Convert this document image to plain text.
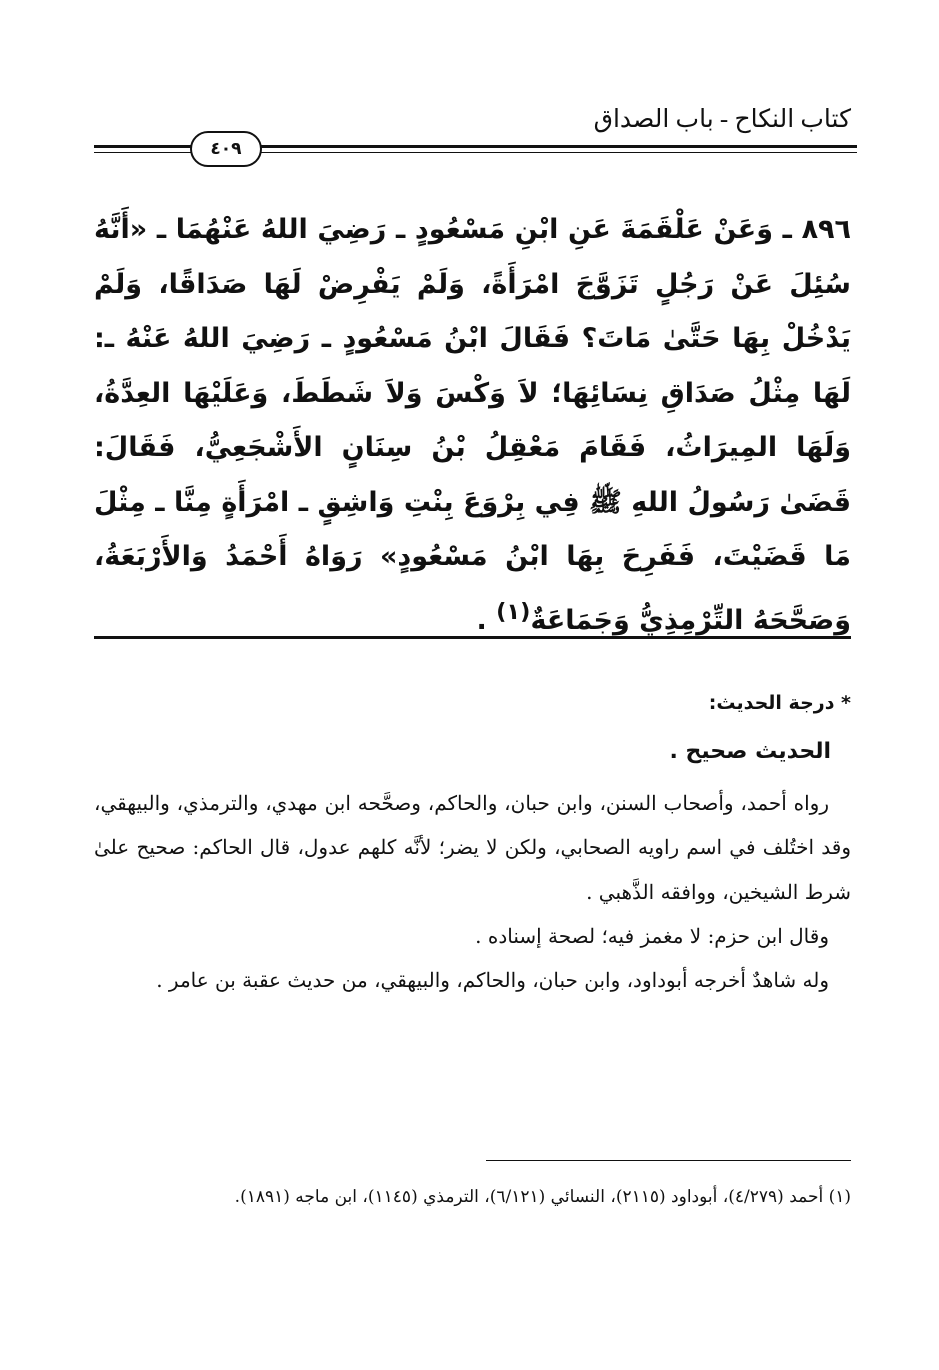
كتاب النكاح - باب الصداق
٤٠٩
٨٩٦ ـ وَعَنْ عَلْقَمَةَ عَنِ ابْنِ مَسْعُودٍ ـ رَضِيَ اللهُ عَنْهُمَا ـ «أَنَّهُ سُئِلَ عَنْ رَجُلٍ تَزَوَّجَ امْرَأَةً، وَلَمْ يَفْرِضْ لَهَا صَدَاقًا، وَلَمْ يَدْخُلْ بِهَا حَتَّىٰ مَاتَ؟ فَقَالَ ابْنُ مَسْعُودٍ ـ رَضِيَ اللهُ عَنْهُ ـ: لَهَا مِثْلُ صَدَاقِ نِسَائِهَا؛ لاَ وَكْسَ وَلاَ شَطَطَ، وَعَلَيْهَا العِدَّةُ، وَلَهَا المِيرَاثُ، فَقَامَ مَعْقِلُ بْنُ سِنَانٍ الأَشْجَعِيُّ، فَقَالَ: قَضَىٰ رَسُولُ اللهِ ﷺ فِي بِرْوَعَ بِنْتِ وَاشِقٍ ـ امْرَأَةٍ مِنَّا ـ مِثْلَ مَا قَضَيْتَ، فَفَرِحَ بِهَا ابْنُ مَسْعُودٍ» رَوَاهُ أَحْمَدُ وَالأَرْبَعَةُ، وَصَحَّحَهُ التِّرْمِذِيُّ وَجَمَاعَةٌ$^{(١)}$ .
* درجة الحديث:
الحديث صحيح .

رواه أحمد، وأصحاب السنن، وابن حبان، والحاكم، وصحَّحه ابن مهدي، والترمذي، والبيهقي، وقد اختُلف في اسم راويه الصحابي، ولكن لا يضر؛ لأنَّه كلهم عدول، قال الحاكم: صحيح علىٰ شرط الشيخين، ووافقه الذَّهبي .

وقال ابن حزم: لا مغمز فيه؛ لصحة إسناده .

وله شاهدٌ أخرجه أبوداود، وابن حبان، والحاكم، والبيهقي، من حديث عقبة بن عامر .

(١) أحمد (٤/٢٧٩)، أبوداود (٢١١٥)، النسائي (٦/١٢١)، الترمذي (١١٤٥)، ابن ماجه (١٨٩١).
